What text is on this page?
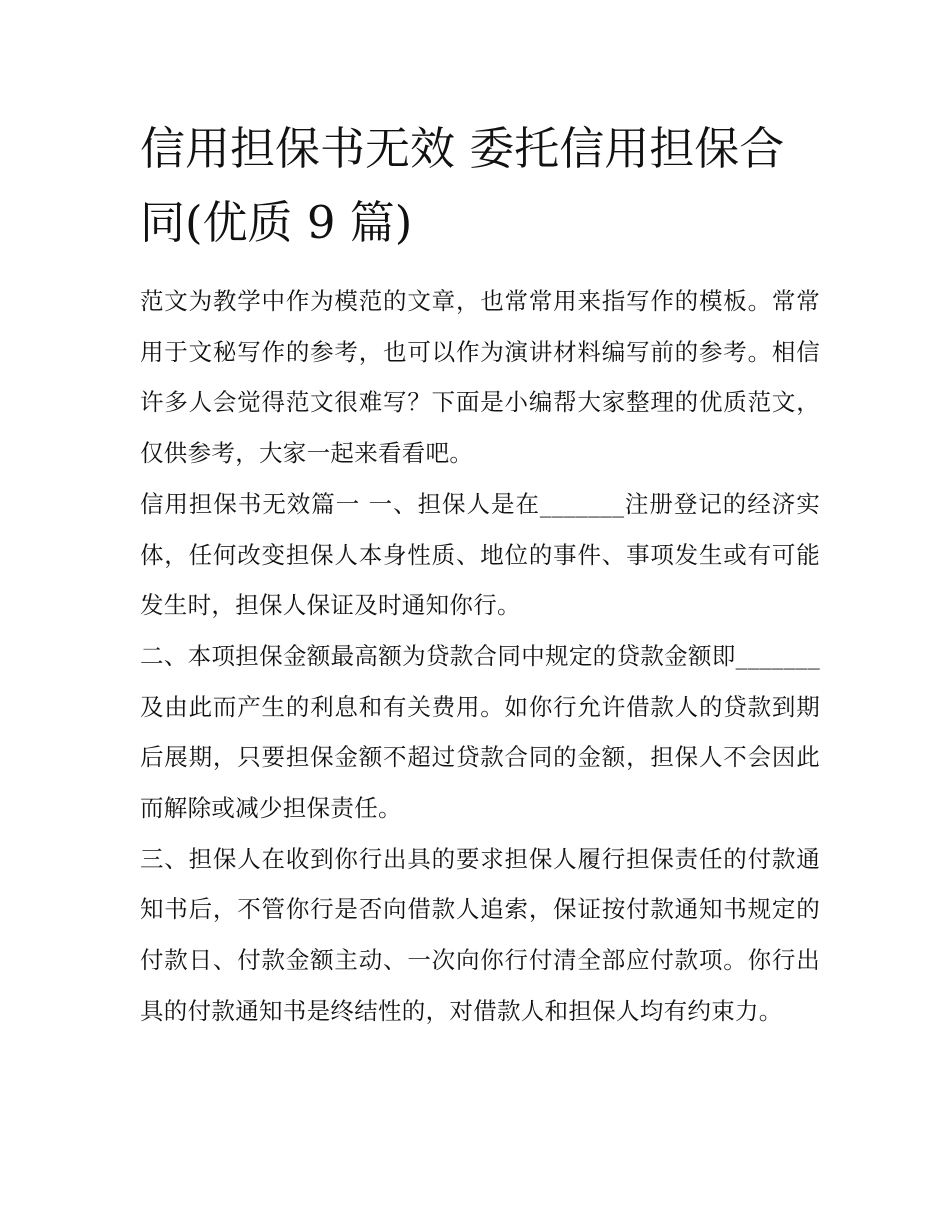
信用担保书无效 委托信用担保合同(优质 9 篇)

范文为教学中作为模范的文章，也常常用来指写作的模板。常常用于文秘写作的参考，也可以作为演讲材料编写前的参考。相信许多人会觉得范文很难写？下面是小编帮大家整理的优质范文，仅供参考，大家一起来看看吧。

信用担保书无效篇一 一、担保人是在_______注册登记的经济实体，任何改变担保人本身性质、地位的事件、事项发生或有可能发生时，担保人保证及时通知你行。

二、本项担保金额最高额为贷款合同中规定的贷款金额即_______及由此而产生的利息和有关费用。如你行允许借款人的贷款到期后展期，只要担保金额不超过贷款合同的金额，担保人不会因此而解除或减少担保责任。

三、担保人在收到你行出具的要求担保人履行担保责任的付款通知书后，不管你行是否向借款人追索，保证按付款通知书规定的付款日、付款金额主动、一次向你行付清全部应付款项。你行出具的付款通知书是终结性的，对借款人和担保人均有约束力。
